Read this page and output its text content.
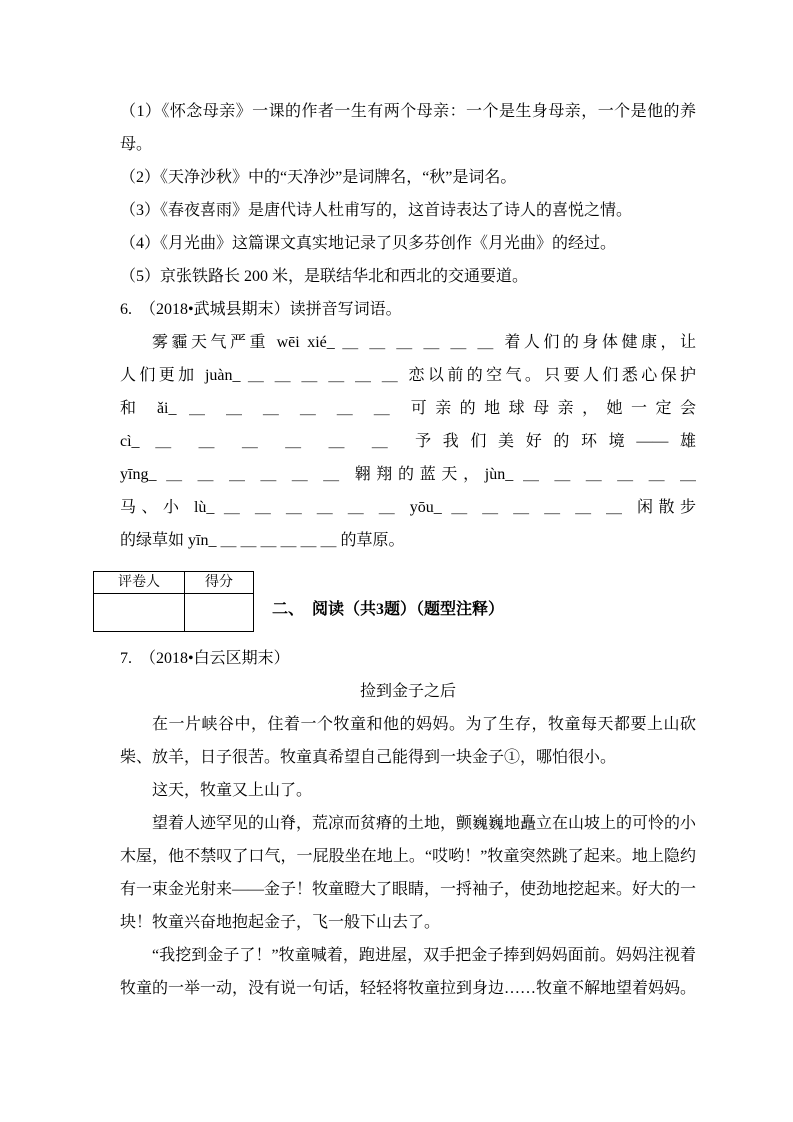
（1）《怀念母亲》一课的作者一生有两个母亲：一个是生身母亲，一个是他的养母。

（2）《天净沙秋》中的“天净沙”是词牌名，“秋”是词名。

（3）《春夜喜雨》是唐代诗人杜甫写的，这首诗表达了诗人的喜悦之情。

（4）《月光曲》这篇课文真实地记录了贝多芬创作《月光曲》的经过。

（5）京张铁路长 200 米，是联结华北和西北的交通要道。

6.　（2018•武城县期末）读拼音写词语。

雾霾天气严重 wēi xié_ ＿ ＿ ＿ ＿ ＿ ＿ 着人们的身体健康，让

人们更加 juàn_ ＿ ＿ ＿ ＿ ＿ ＿ 恋以前的空气。只要人们悉心保护

和 ǎi_ ＿ ＿ ＿ ＿ ＿ ＿ 可亲的地球母亲，她一定会

cì_ ＿ ＿ ＿ ＿ ＿ ＿ 予我们美好的环境——雄

yīng_ ＿ ＿ ＿ ＿ ＿ ＿ 翱翔的蓝天，jùn_ ＿ ＿ ＿ ＿ ＿ ＿

马、小 lù_ ＿ ＿ ＿ ＿ ＿ ＿ yōu_ ＿ ＿ ＿ ＿ ＿ ＿ 闲散步

的绿草如 yīn_ ＿ ＿ ＿ ＿ ＿ ＿ 的草原。

评卷人	得分

二、　阅读（共3题）（题型注释）

7.　（2018•白云区期末）

捡到金子之后

在一片峡谷中，住着一个牧童和他的妈妈。为了生存，牧童每天都要上山砍柴、放羊，日子很苦。牧童真希望自己能得到一块金子①，哪怕很小。

这天，牧童又上山了。

望着人迹罕见的山脊，荒凉而贫瘠的土地，颤巍巍地矗立在山坡上的可怜的小木屋，他不禁叹了口气，一屁股坐在地上。“哎哟！”牧童突然跳了起来。地上隐约有一束金光射来——金子！牧童瞪大了眼睛，一捋袖子，使劲地挖起来。好大的一块！牧童兴奋地抱起金子，飞一般下山去了。

“我挖到金子了！”牧童喊着，跑进屋，双手把金子捧到妈妈面前。妈妈注视着牧童的一举一动，没有说一句话，轻轻将牧童拉到身边……牧童不解地望着妈妈。
